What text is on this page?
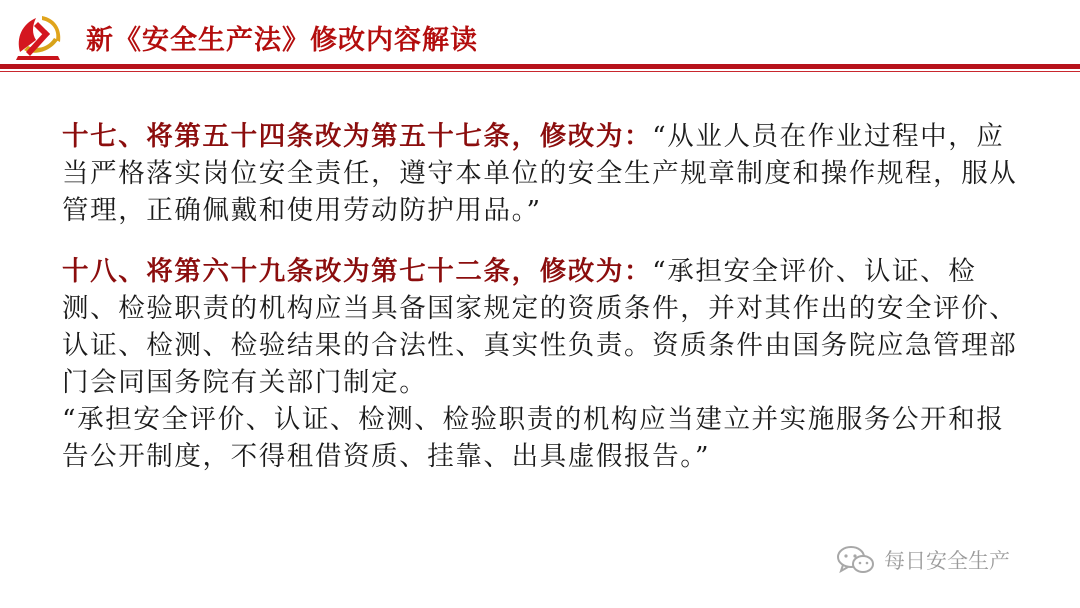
新《安全生产法》修改内容解读

十七、将第五十四条改为第五十七条，修改为：“从业人员在作业过程中，应当严格落实岗位安全责任，遵守本单位的安全生产规章制度和操作规程，服从管理，正确佩戴和使用劳动防护用品。”

十八、将第六十九条改为第七十二条，修改为：“承担安全评价、认证、检测、检验职责的机构应当具备国家规定的资质条件，并对其作出的安全评价、认证、检测、检验结果的合法性、真实性负责。资质条件由国务院应急管理部门会同国务院有关部门制定。

“承担安全评价、认证、检测、检验职责的机构应当建立并实施服务公开和报告公开制度，不得租借资质、挂靠、出具虚假报告。”

每日安全生产
